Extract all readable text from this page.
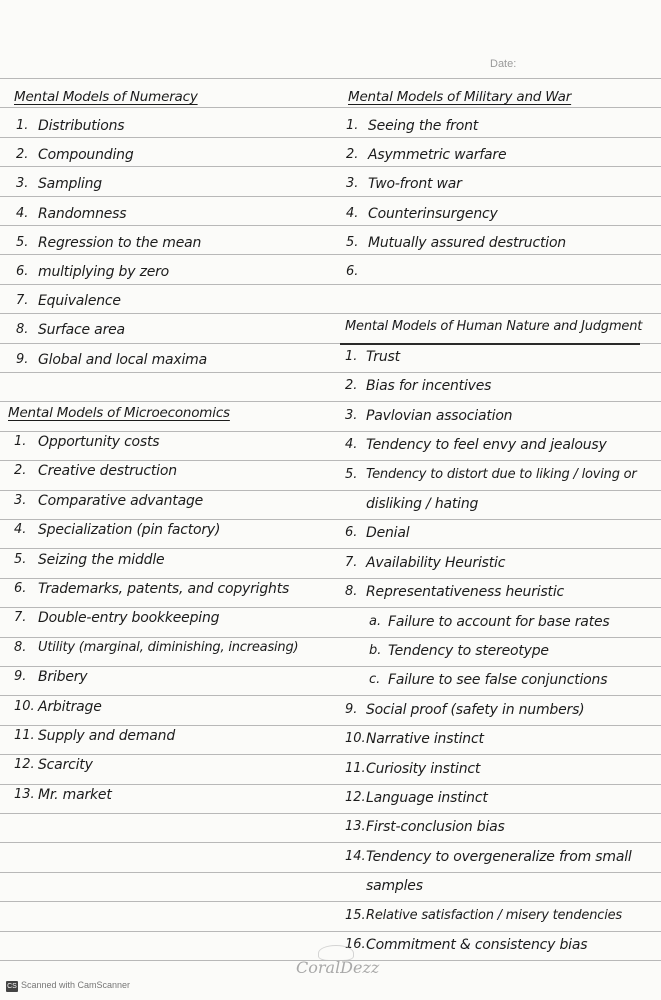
Date:
Mental Models of Numeracy
1. Distributions
2. Compounding
3. Sampling
4. Randomness
5. Regression to the mean
6. multiplying by zero
7. Equivalence
8. Surface area
9. Global and local maxima
Mental Models of Microeconomics
1. Opportunity costs
2. Creative destruction
3. Comparative advantage
4. Specialization (pin factory)
5. Seizing the middle
6. Trademarks, patents, and copyrights
7. Double-entry bookkeeping
8. Utility (marginal, diminishing, increasing)
9. Bribery
10. Arbitrage
11. Supply and demand
12. Scarcity
13. Mr. market
Mental Models of Military and War
1. Seeing the front
2. Asymmetric warfare
3. Two-front war
4. Counterinsurgency
5. Mutually assured destruction
6.
Mental Models of Human Nature and Judgment
1. Trust
2. Bias for incentives
3. Pavlovian association
4. Tendency to feel envy and jealousy
5. Tendency to distort due to liking / loving or
disliking / hating
6. Denial
7. Availability Heuristic
8. Representativeness heuristic
a. Failure to account for base rates
b. Tendency to stereotype
c. Failure to see false conjunctions
9. Social proof (safety in numbers)
10. Narrative instinct
11. Curiosity instinct
12. Language instinct
13. First-conclusion bias
14. Tendency to overgeneralize from small
samples
15. Relative satisfaction / misery tendencies
16. Commitment & consistency bias
CoralDezz
CS Scanned with CamScanner
